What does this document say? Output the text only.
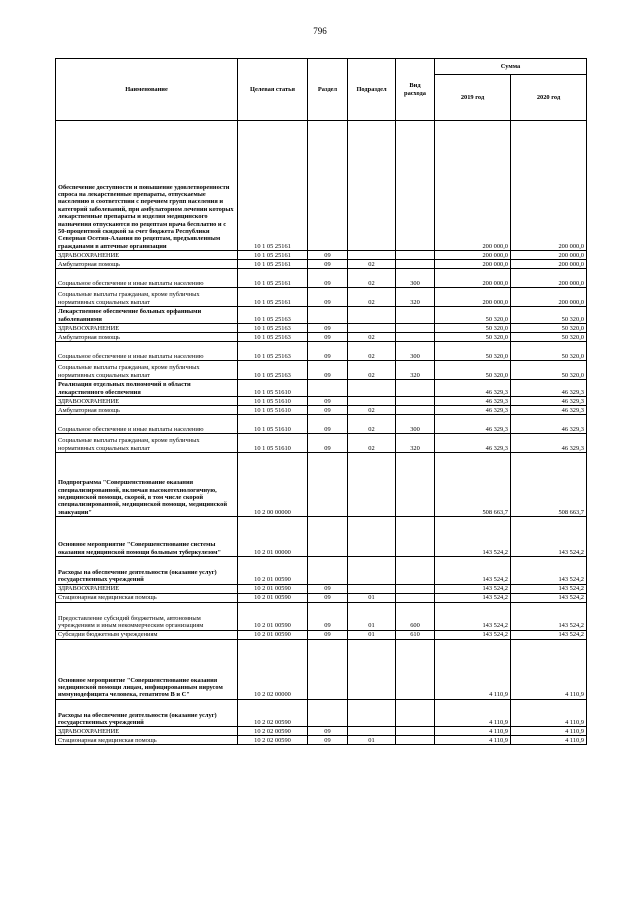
796
Наименование	Целевая статья	Раздел	Подраздел	Вид расхода	Сумма	
					2019 год	2020 год
Обеспечение доступности и повышение удовлетворенности спроса на лекарственные препараты, отпускаемые населению в соответствии с перечнем групп населения и категорий заболеваний, при амбулаторном лечении которых лекарственные препараты и изделия медицинского назначения отпускаются по рецептам врача бесплатно и с 50-процентной скидкой за счет бюджета Республики Северная Осетия-Алания по рецептам, предъявленным гражданами в аптечные организации	10 1 05 25161				200 000,0	200 000,0
ЗДРАВООХРАНЕНИЕ	10 1 05 25161	09			200 000,0	200 000,0
Амбулаторная помощь	10 1 05 25161	09	02		200 000,0	200 000,0
Социальное обеспечение и иные выплаты населению	10 1 05 25161	09	02	300	200 000,0	200 000,0
Социальные выплаты гражданам, кроме публичных нормативных социальных выплат	10 1 05 25161	09	02	320	200 000,0	200 000,0
Лекарственное обеспечение больных орфанными заболеваниями	10 1 05 25163				50 320,0	50 320,0
ЗДРАВООХРАНЕНИЕ	10 1 05 25163	09			50 320,0	50 320,0
Амбулаторная помощь	10 1 05 25163	09	02		50 320,0	50 320,0
Социальное обеспечение и иные выплаты населению	10 1 05 25163	09	02	300	50 320,0	50 320,0
Социальные выплаты гражданам, кроме публичных нормативных социальных выплат	10 1 05 25163	09	02	320	50 320,0	50 320,0
Реализация отдельных полномочий в области лекарственного обеспечения	10 1 05 51610				46 329,3	46 329,3
ЗДРАВООХРАНЕНИЕ	10 1 05 51610	09			46 329,3	46 329,3
Амбулаторная помощь	10 1 05 51610	09	02		46 329,3	46 329,3
Социальное обеспечение и иные выплаты населению	10 1 05 51610	09	02	300	46 329,3	46 329,3
Социальные выплаты гражданам, кроме публичных нормативных социальных выплат	10 1 05 51610	09	02	320	46 329,3	46 329,3
Подпрограмма "Совершенствование оказания специализированной, включая высокотехнологичную, медицинской помощи, скорой, в том числе скорой специализированной, медицинской помощи, медицинской эвакуации"	10 2 00 00000				508 663,7	508 663,7
Основное мероприятие "Совершенствование системы оказания медицинской помощи больным туберкулезом"	10 2 01 00000				143 524,2	143 524,2
Расходы на обеспечение деятельности (оказание услуг) государственных учреждений	10 2 01 00590				143 524,2	143 524,2
ЗДРАВООХРАНЕНИЕ	10 2 01 00590	09			143 524,2	143 524,2
Стационарная медицинская помощь	10 2 01 00590	09	01		143 524,2	143 524,2
Предоставление субсидий бюджетным, автономным учреждениям и иным некоммерческим организациям	10 2 01 00590	09	01	600	143 524,2	143 524,2
Субсидии бюджетным учреждениям	10 2 01 00590	09	01	610	143 524,2	143 524,2
Основное мероприятие "Совершенствование оказания медицинской помощи лицам, инфицированным вирусом иммунодефицита человека, гепатитом В и С"	10 2 02 00000				4 110,9	4 110,9
Расходы на обеспечение деятельности (оказание услуг) государственных учреждений	10 2 02 00590				4 110,9	4 110,9
ЗДРАВООХРАНЕНИЕ	10 2 02 00590	09			4 110,9	4 110,9
Стационарная медицинская помощь	10 2 02 00590	09	01		4 110,9	4 110,9
